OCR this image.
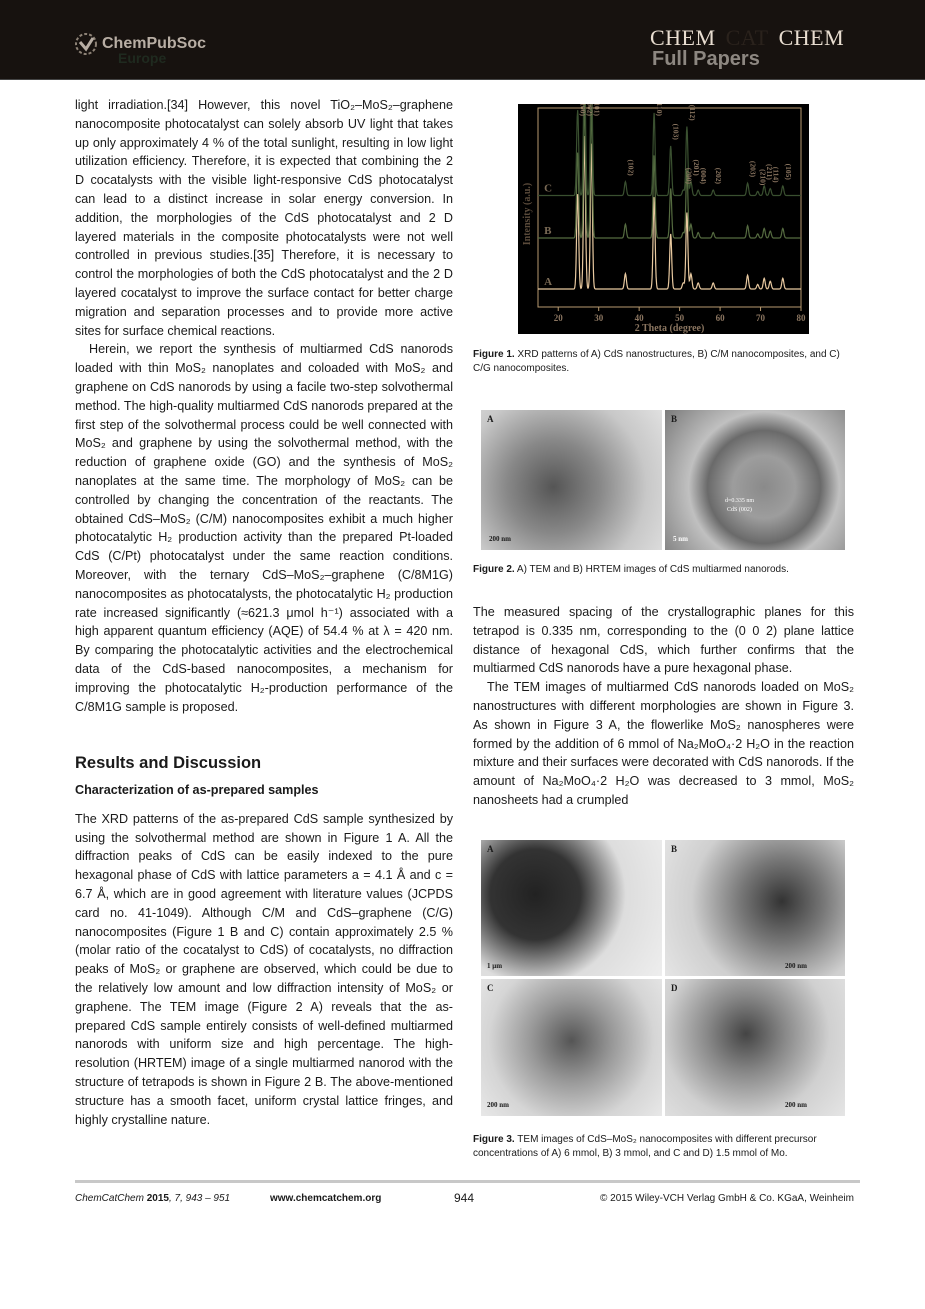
ChemPubSoc
Europe
CHEM CAT CHEM
Full Papers

light irradiation.[34] However, this novel TiO₂–MoS₂–graphene nanocomposite photocatalyst can solely absorb UV light that takes up only approximately 4 % of the total sunlight, resulting in low light utilization efficiency. Therefore, it is expected that combining the 2 D cocatalysts with the visible light-responsive CdS photocatalyst can lead to a distinct increase in solar energy conversion. In addition, the morphologies of the CdS photocatalyst and 2 D layered materials in the composite photocatalysts were not well controlled in previous studies.[35] Therefore, it is necessary to control the morphologies of both the CdS photocatalyst and the 2 D layered cocatalyst to improve the surface contact for better charge migration and separation processes and to provide more active sites for surface chemical reactions.

Herein, we report the synthesis of multiarmed CdS nanorods loaded with thin MoS₂ nanoplates and coloaded with MoS₂ and graphene on CdS nanorods by using a facile two-step solvothermal method. The high-quality multiarmed CdS nanorods prepared at the first step of the solvothermal process could be well connected with MoS₂ and graphene by using the solvothermal method, with the reduction of graphene oxide (GO) and the synthesis of MoS₂ nanoplates at the same time. The morphology of MoS₂ can be controlled by changing the concentration of the reactants. The obtained CdS–MoS₂ (C/M) nanocomposites exhibit a much higher photocatalytic H₂ production activity than the prepared Pt-loaded CdS (C/Pt) photocatalyst under the same reaction conditions. Moreover, with the ternary CdS–MoS₂–graphene (C/8M1G) nanocomposites as photocatalysts, the photocatalytic H₂ production rate increased significantly (≈621.3 μmol h⁻¹) associated with a high apparent quantum efficiency (AQE) of 54.4 % at λ = 420 nm. By comparing the photocatalytic activities and the electrochemical data of the CdS-based nanocomposites, a mechanism for improving the photocatalytic H₂-production performance of the C/8M1G sample is proposed.

Results and Discussion
Characterization of as-prepared samples

The XRD patterns of the as-prepared CdS sample synthesized by using the solvothermal method are shown in Figure 1 A. All the diffraction peaks of CdS can be easily indexed to the pure hexagonal phase of CdS with lattice parameters a = 4.1 Å and c = 6.7 Å, which are in good agreement with literature values (JCPDS card no. 41-1049). Although C/M and CdS–graphene (C/G) nanocomposites (Figure 1 B and C) contain approximately 2.5 % (molar ratio of the cocatalyst to CdS) of cocatalysts, no diffraction peaks of MoS₂ or graphene are observed, which could be due to the relatively low amount and low diffraction intensity of MoS₂ or graphene. The TEM image (Figure 2 A) reveals that the as-prepared CdS sample entirely consists of well-defined multiarmed nanorods with uniform size and high percentage. The high-resolution (HRTEM) image of a single multiarmed nanorod with the structure of tetrapods is shown in Figure 2 B. The above-mentioned structure has a smooth facet, uniform crystal lattice fringes, and highly crystalline nature.

20	30	40	50	60	70	80
2 Theta (degree)
Intensity (a.u.)
A
B
C
(100)
(002)
(101)
(102)
(110)
(103)
(200)
(112)
(201)
(004) (202)	(203)
(210)
(211)
(114) (105)
Figure 1. XRD patterns of A) CdS nanostructures, B) C/M nanocomposites, and C) C/G nanocomposites.
A
200 nm
B
d=0.335 nm
CdS (002)
5 nm
Figure 2. A) TEM and B) HRTEM images of CdS multiarmed nanorods.

The measured spacing of the crystallographic planes for this tetrapod is 0.335 nm, corresponding to the (0 0 2) plane lattice distance of hexagonal CdS, which further confirms that the multiarmed CdS nanorods have a pure hexagonal phase.

The TEM images of multiarmed CdS nanorods loaded on MoS₂ nanostructures with different morphologies are shown in Figure 3. As shown in Figure 3 A, the flowerlike MoS₂ nanospheres were formed by the addition of 6 mmol of Na₂MoO₄·2 H₂O in the reaction mixture and their surfaces were decorated with CdS nanorods. If the amount of Na₂MoO₄·2 H₂O was decreased to 3 mmol, MoS₂ nanosheets had a crumpled

A
1 μm
B
200 nm
C
200 nm
D
200 nm
Figure 3. TEM images of CdS–MoS₂ nanocomposites with different precursor concentrations of A) 6 mmol, B) 3 mmol, and C and D) 1.5 mmol of Mo.
ChemCatChem 2015, 7, 943 – 951	www.chemcatchem.org	944	© 2015 Wiley-VCH Verlag GmbH & Co. KGaA, Weinheim
